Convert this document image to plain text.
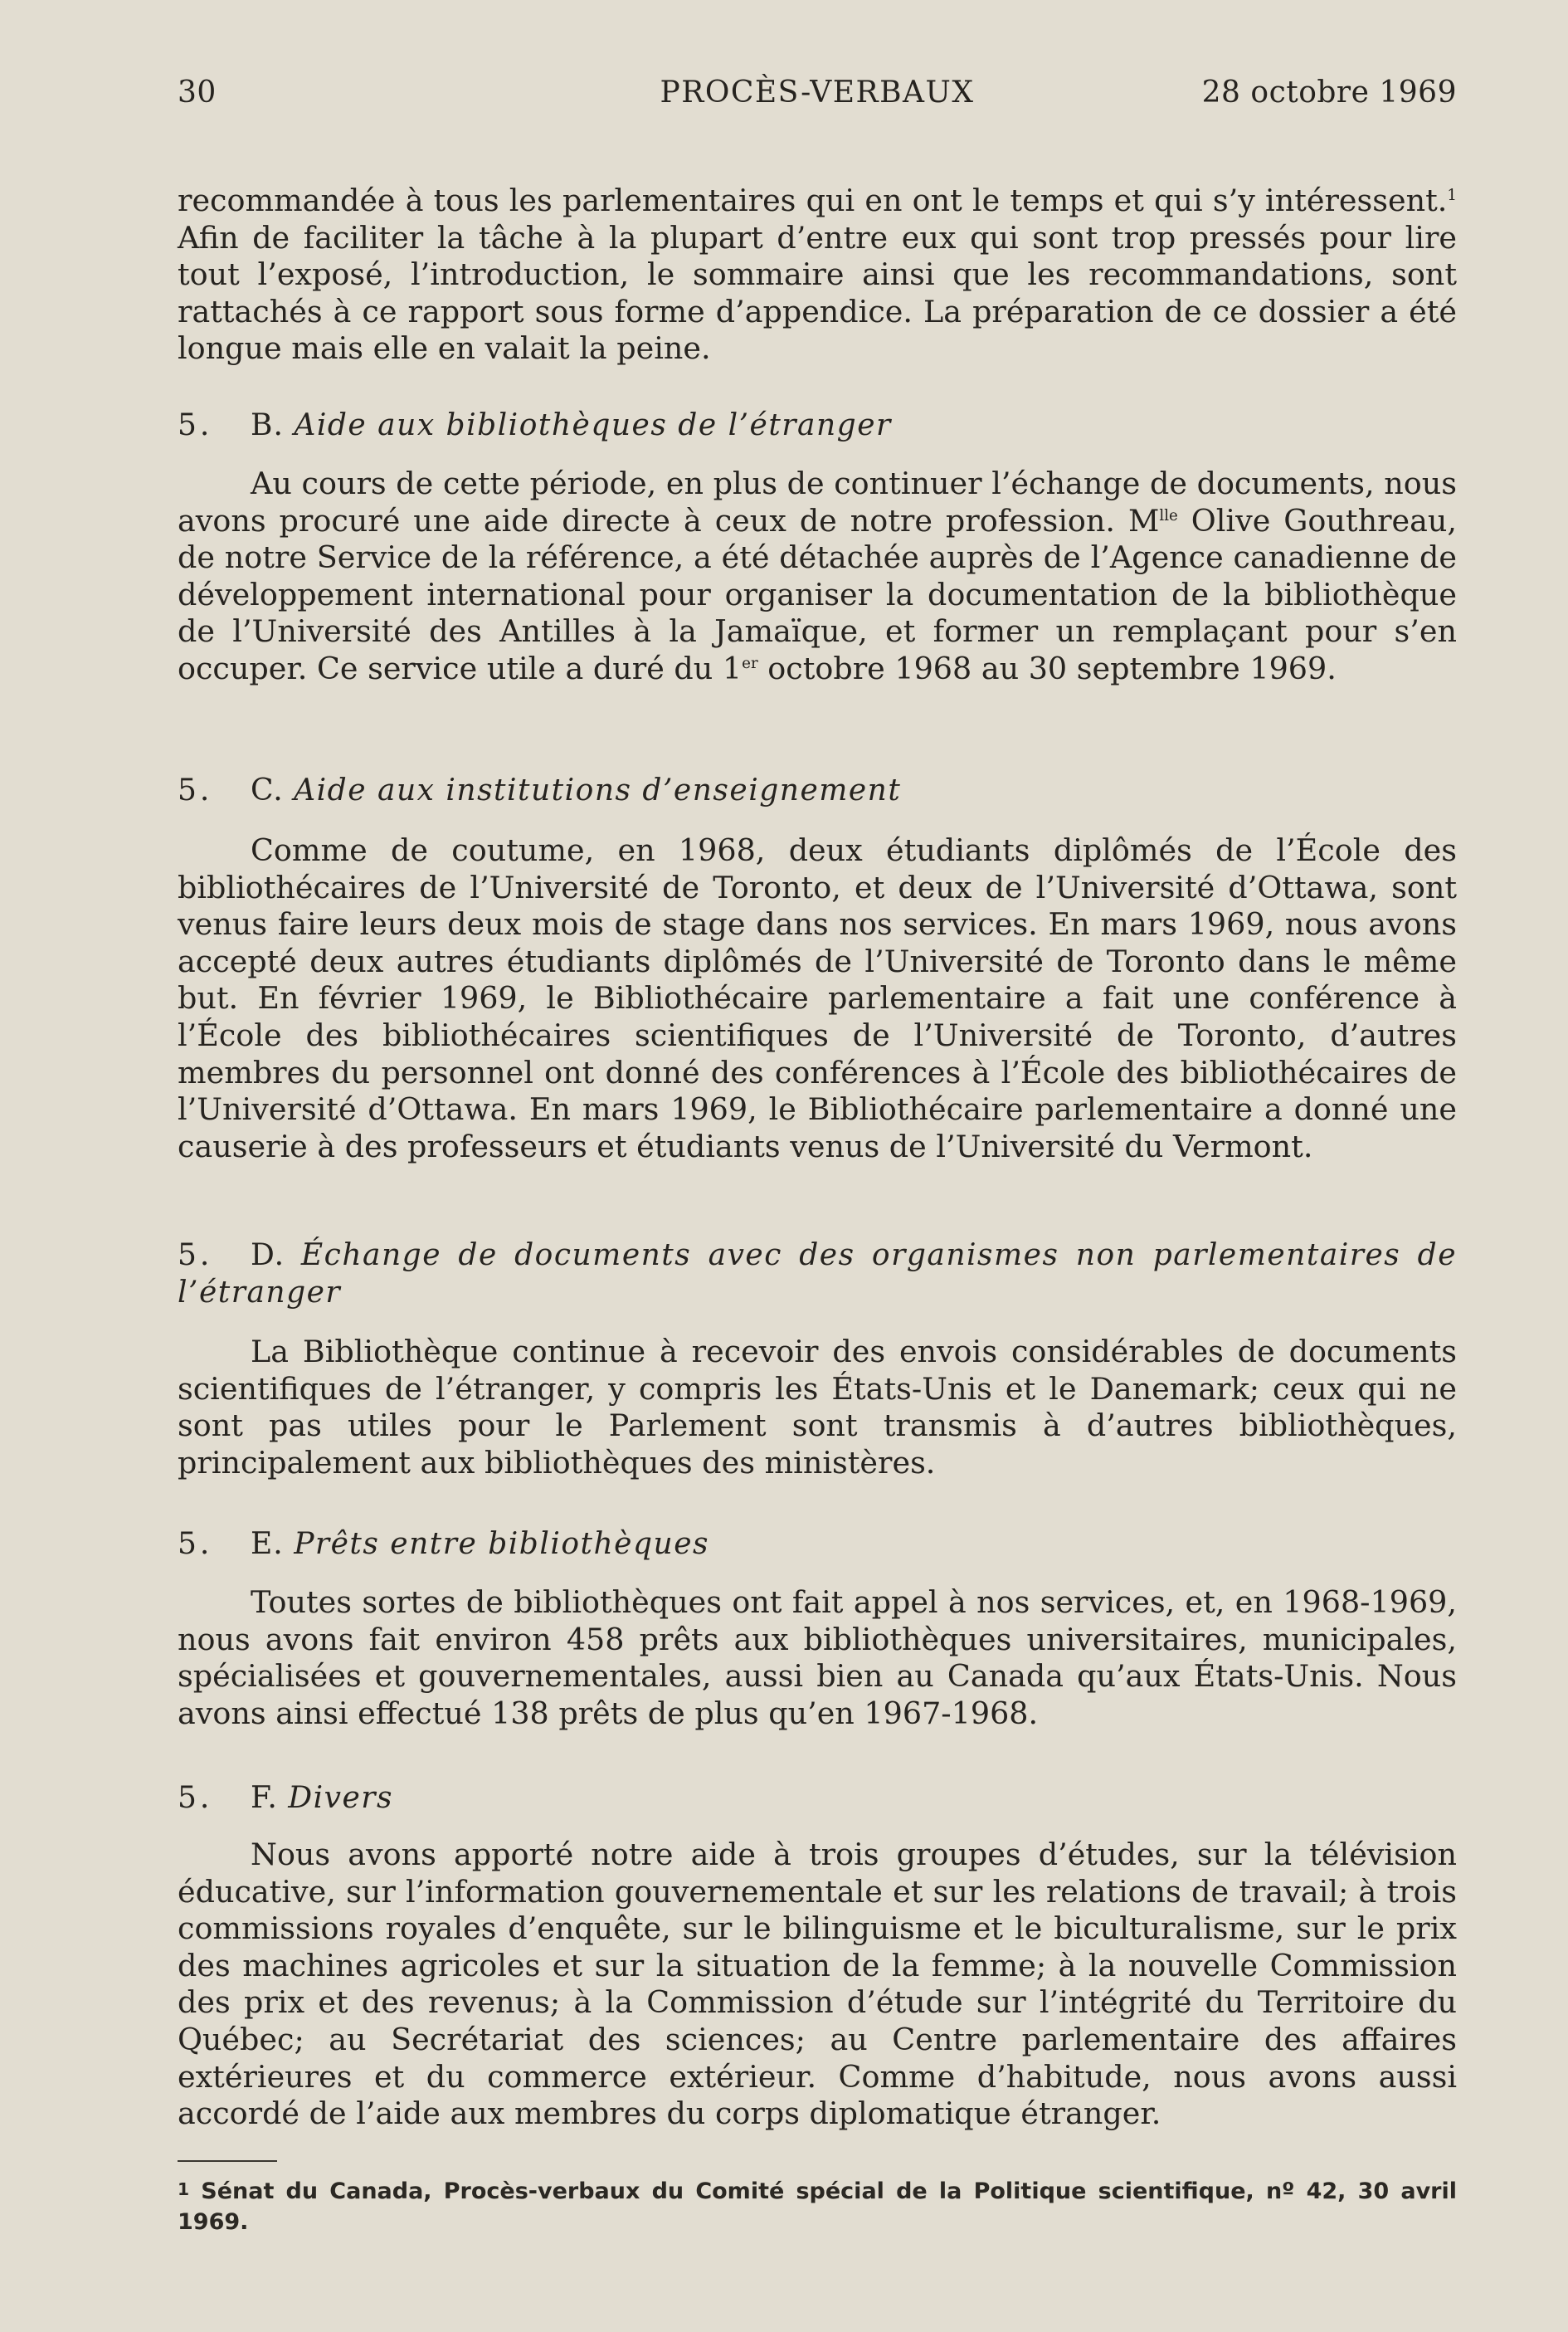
30	PROCÈS-VERBAUX	28 octobre 1969

recommandée à tous les parlementaires qui en ont le temps et qui s’y intéressent.$^1$ Afin de faciliter la tâche à la plupart d’entre eux qui sont trop pressés pour lire tout l’exposé, l’introduction, le sommaire ainsi que les recommandations, sont rattachés à ce rapport sous forme d’appendice. La préparation de ce dossier a été longue mais elle en valait la peine.

5. B. Aide aux bibliothèques de l’étranger

Au cours de cette période, en plus de continuer l’échange de documents, nous avons procuré une aide directe à ceux de notre profession. $M^{lle}$ Olive Gouthreau, de notre Service de la référence, a été détachée auprès de l’Agence canadienne de développement international pour organiser la documentation de la bibliothèque de l’Université des Antilles à la Jamaïque, et former un remplaçant pour s’en occuper. Ce service utile a duré du 1er octobre 1968 au 30 septembre 1969.

5. C. Aide aux institutions d’enseignement

Comme de coutume, en 1968, deux étudiants diplômés de l’École des bibliothécaires de l’Université de Toronto, et deux de l’Université d’Ottawa, sont venus faire leurs deux mois de stage dans nos services. En mars 1969, nous avons accepté deux autres étudiants diplômés de l’Université de Toronto dans le même but. En février 1969, le Bibliothécaire parlementaire a fait une conférence à l’École des bibliothécaires scientifiques de l’Université de Toronto, d’autres membres du personnel ont donné des conférences à l’École des bibliothécaires de l’Université d’Ottawa. En mars 1969, le Bibliothécaire parlementaire a donné une causerie à des professeurs et étudiants venus de l’Université du Vermont.

5. D. Échange de documents avec des organismes non parlementaires de l’étranger

La Bibliothèque continue à recevoir des envois considérables de documents scientifiques de l’étranger, y compris les États-Unis et le Danemark; ceux qui ne sont pas utiles pour le Parlement sont transmis à d’autres bibliothèques, principalement aux bibliothèques des ministères.

5. E. Prêts entre bibliothèques

Toutes sortes de bibliothèques ont fait appel à nos services, et, en 1968-1969, nous avons fait environ 458 prêts aux bibliothèques universitaires, municipales, spécialisées et gouvernementales, aussi bien au Canada qu’aux États-Unis. Nous avons ainsi effectué 138 prêts de plus qu’en 1967-1968.

5. F. Divers

Nous avons apporté notre aide à trois groupes d’études, sur la télévision éducative, sur l’information gouvernementale et sur les relations de travail; à trois commissions royales d’enquête, sur le bilinguisme et le biculturalisme, sur le prix des machines agricoles et sur la situation de la femme; à la nouvelle Commission des prix et des revenus; à la Commission d’étude sur l’intégrité du Territoire du Québec; au Secrétariat des sciences; au Centre parlementaire des affaires extérieures et du commerce extérieur. Comme d’habitude, nous avons aussi accordé de l’aide aux membres du corps diplomatique étranger.

1 Sénat du Canada, Procès-verbaux du Comité spécial de la Politique scientifique, nº 42, 30 avril 1969.
